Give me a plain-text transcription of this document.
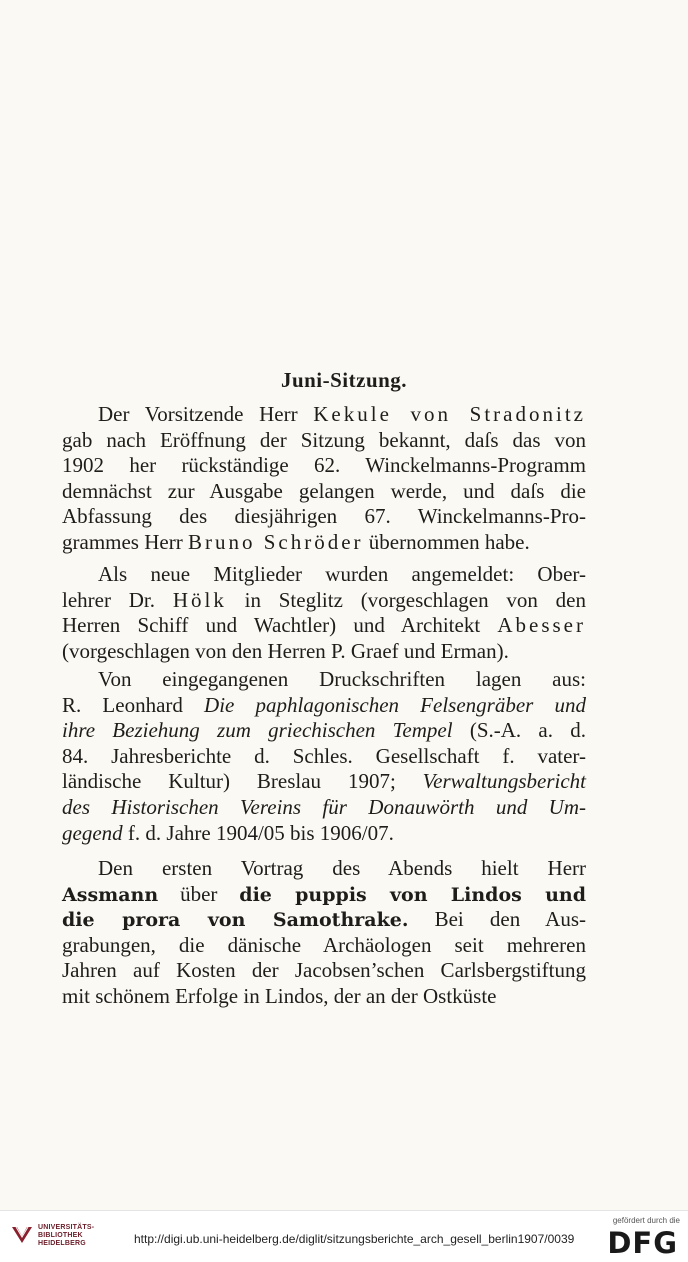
Juni-Sitzung.
Der Vorsitzende Herr Kekule von Stradonitz
gab nach Eröffnung der Sitzung bekannt, daſs das von
1902 her rückständige 62. Winckelmanns-Programm
demnächst zur Ausgabe gelangen werde, und daſs die
Abfassung des diesjährigen 67. Winckelmanns-Pro-
grammes Herr Bruno Schröder übernommen habe.
Als neue Mitglieder wurden angemeldet: Ober-
lehrer Dr. Hölk in Steglitz (vorgeschlagen von den
Herren Schiff und Wachtler) und Architekt Abesser
(vorgeschlagen von den Herren P. Graef und Erman).
Von eingegangenen Druckschriften lagen aus:
R. Leonhard Die paphlagonischen Felsengräber und
ihre Beziehung zum griechischen Tempel (S.-A. a. d.
84. Jahresberichte d. Schles. Gesellschaft f. vater-
ländische Kultur) Breslau 1907; Verwaltungsbericht
des Historischen Vereins für Donauwörth und Um-
gegend f. d. Jahre 1904/05 bis 1906/07.
Den ersten Vortrag des Abends hielt Herr
Assmann über die puppis von Lindos und
die prora von Samothrake. Bei den Aus-
grabungen, die dänische Archäologen seit mehreren
Jahren auf Kosten der Jacobsen’schen Carlsbergstiftung
mit schönem Erfolge in Lindos, der an der Ostküste
UNIVERSITÄTS-
BIBLIOTHEK
HEIDELBERG	http://digi.ub.uni-heidelberg.de/diglit/sitzungsberichte_arch_gesell_berlin1907/0039
gefördert durch die
DFG
